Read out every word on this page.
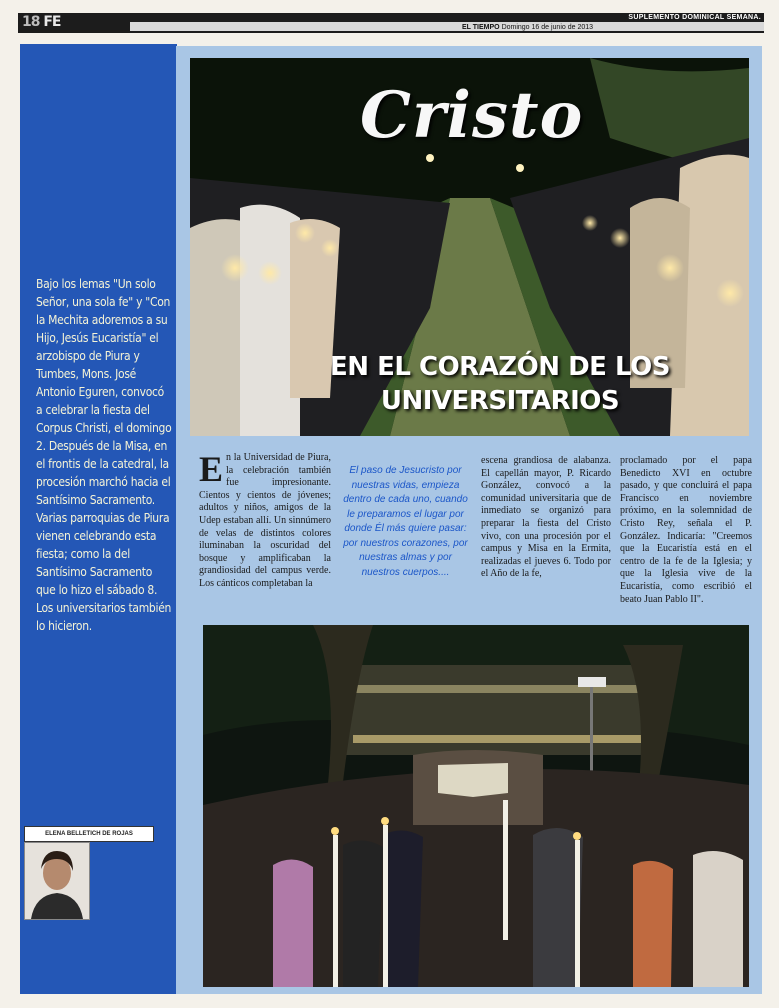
18 FE	EL TIEMPO Domingo 16 de junio de 2013
SUPLEMENTO DOMINICAL SEMANA.
Bajo los lemas "Un solo Señor, una sola fe" y "Con la Mechita adoremos a su Hijo, Jesús Eucaristía" el arzobispo de Piura y Tumbes, Mons. José Antonio Eguren, convocó a celebrar la fiesta del Corpus Christi, el domingo 2. Después de la Misa, en el frontis de la catedral, la procesión marchó hacia el Santísimo Sacramento. Varias parroquias de Piura vienen celebrando esta fiesta; como la del Santísimo Sacramento que lo hizo el sábado 8. Los universitarios también lo hicieron.
ELENA BELLETICH DE ROJAS
Cristo
EN EL CORAZÓN DE LOS UNIVERSITARIOS
En la Universidad de Piura, la celebración también fue impresionante. Cientos y cientos de jóvenes; adultos y niños, amigos de la Udep estaban allí. Un sinnúmero de velas de distintos colores iluminaban la oscuridad del bosque y amplificaban la grandiosidad del campus verde. Los cánticos completaban la
El paso de Jesucristo por nuestras vidas, empieza dentro de cada uno, cuando le preparamos el lugar por donde Él más quiere pasar: por nuestros corazones, por nuestras almas y por nuestros cuerpos....
escena grandiosa de alabanza. El capellán mayor, P. Ricardo González, convocó a la comunidad universitaria que de inmediato se organizó para preparar la fiesta del Cristo vivo, con una procesión por el campus y Misa en la Ermita, realizadas el jueves 6. Todo por el Año de la fe,
proclamado por el papa Benedicto XVI en octubre pasado, y que concluirá el papa Francisco en noviembre próximo, en la solemnidad de Cristo Rey, señala el P. González. Indicaría: "Creemos que la Eucaristía está en el centro de la fe de la Iglesia; y que la Iglesia vive de la Eucaristía, como escribió el beato Juan Pablo II".
